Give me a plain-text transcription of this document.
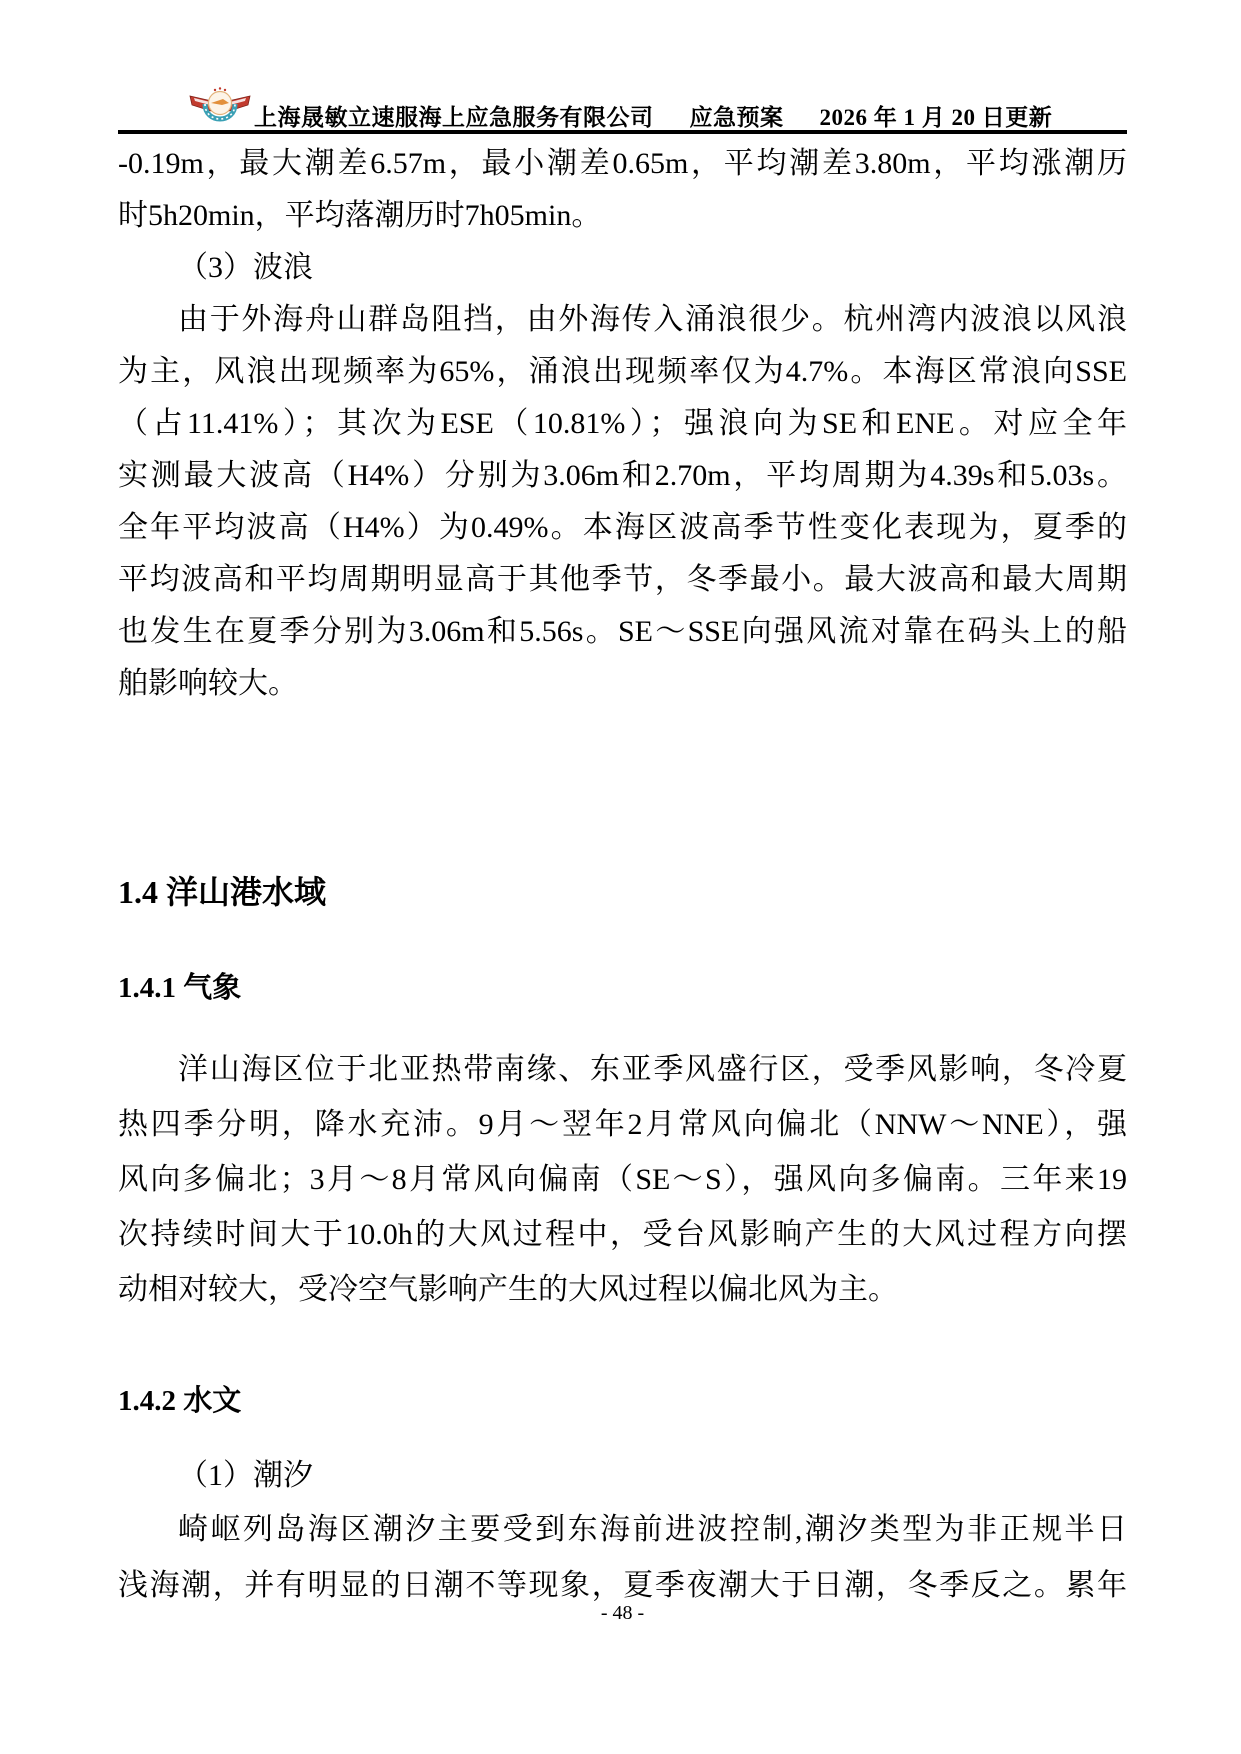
上海晟敏立速服海上应急服务有限公司 应急预案 2026 年 1 月 20 日更新
-0.19m，最大潮差6.57m，最小潮差0.65m，平均潮差3.80m，平均涨潮历
时5h20min，平均落潮历时7h05min。
（3）波浪
由于外海舟山群岛阻挡，由外海传入涌浪很少。杭州湾内波浪以风浪
为主，风浪出现频率为65%，涌浪出现频率仅为4.7%。本海区常浪向SSE
（占11.41%）；其次为ESE（10.81%）；强浪向为SE和ENE。对应全年
实测最大波高（H4%）分别为3.06m和2.70m，平均周期为4.39s和5.03s。
全年平均波高（H4%）为0.49%。本海区波高季节性变化表现为，夏季的
平均波高和平均周期明显高于其他季节，冬季最小。最大波高和最大周期
也发生在夏季分别为3.06m和5.56s。SE～SSE向强风流对靠在码头上的船
舶影响较大。
1.4 洋山港水域
1.4.1 气象
洋山海区位于北亚热带南缘、东亚季风盛行区，受季风影响，冬冷夏
热四季分明，降水充沛。9月～翌年2月常风向偏北（NNW～NNE），强
风向多偏北；3月～8月常风向偏南（SE～S），强风向多偏南。三年来19
次持续时间大于10.0h的大风过程中，受台风影晌产生的大风过程方向摆
动相对较大，受冷空气影响产生的大风过程以偏北风为主。
1.4.2 水文
（1）潮汐
崎岖列岛海区潮汐主要受到东海前进波控制,潮汐类型为非正规半日
浅海潮，并有明显的日潮不等现象，夏季夜潮大于日潮，冬季反之。累年
- 48 -
